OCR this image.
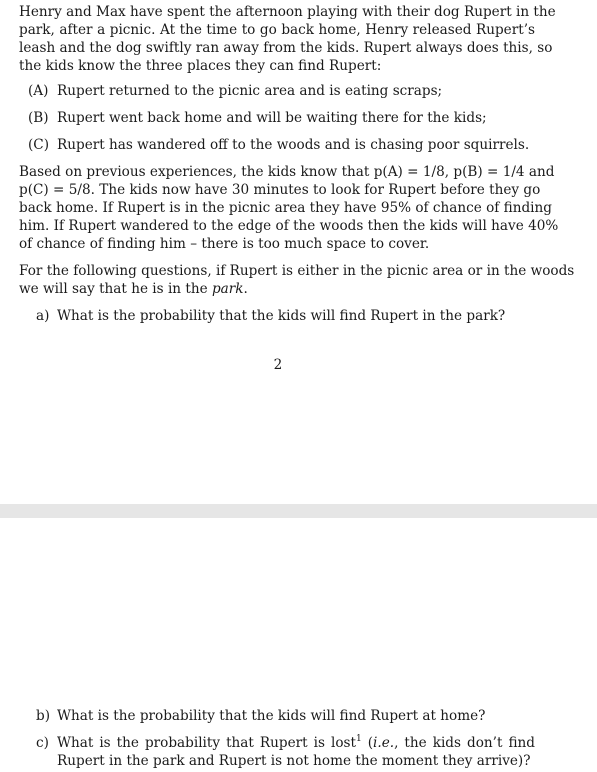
Henry and Max have spent the afternoon playing with their dog Rupert in the
park, after a picnic. At the time to go back home, Henry released Rupert’s
leash and the dog swiftly ran away from the kids. Rupert always does this, so
the kids know the three places they can find Rupert:
(A) Rupert returned to the picnic area and is eating scraps;
(B) Rupert went back home and will be waiting there for the kids;
(C) Rupert has wandered off to the woods and is chasing poor squirrels.
Based on previous experiences, the kids know that p(A) = 1/8, p(B) = 1/4 and
p(C) = 5/8. The kids now have 30 minutes to look for Rupert before they go
back home. If Rupert is in the picnic area they have 95% of chance of finding
him. If Rupert wandered to the edge of the woods then the kids will have 40%
of chance of finding him – there is too much space to cover.
For the following questions, if Rupert is either in the picnic area or in the woods
we will say that he is in the park.
a) What is the probability that the kids will find Rupert in the park?
2
b) What is the probability that the kids will find Rupert at home?
c) What is the probability that Rupert is lost$^1$ (i.e., the kids don’t find
Rupert in the park and Rupert is not home the moment they arrive)?
